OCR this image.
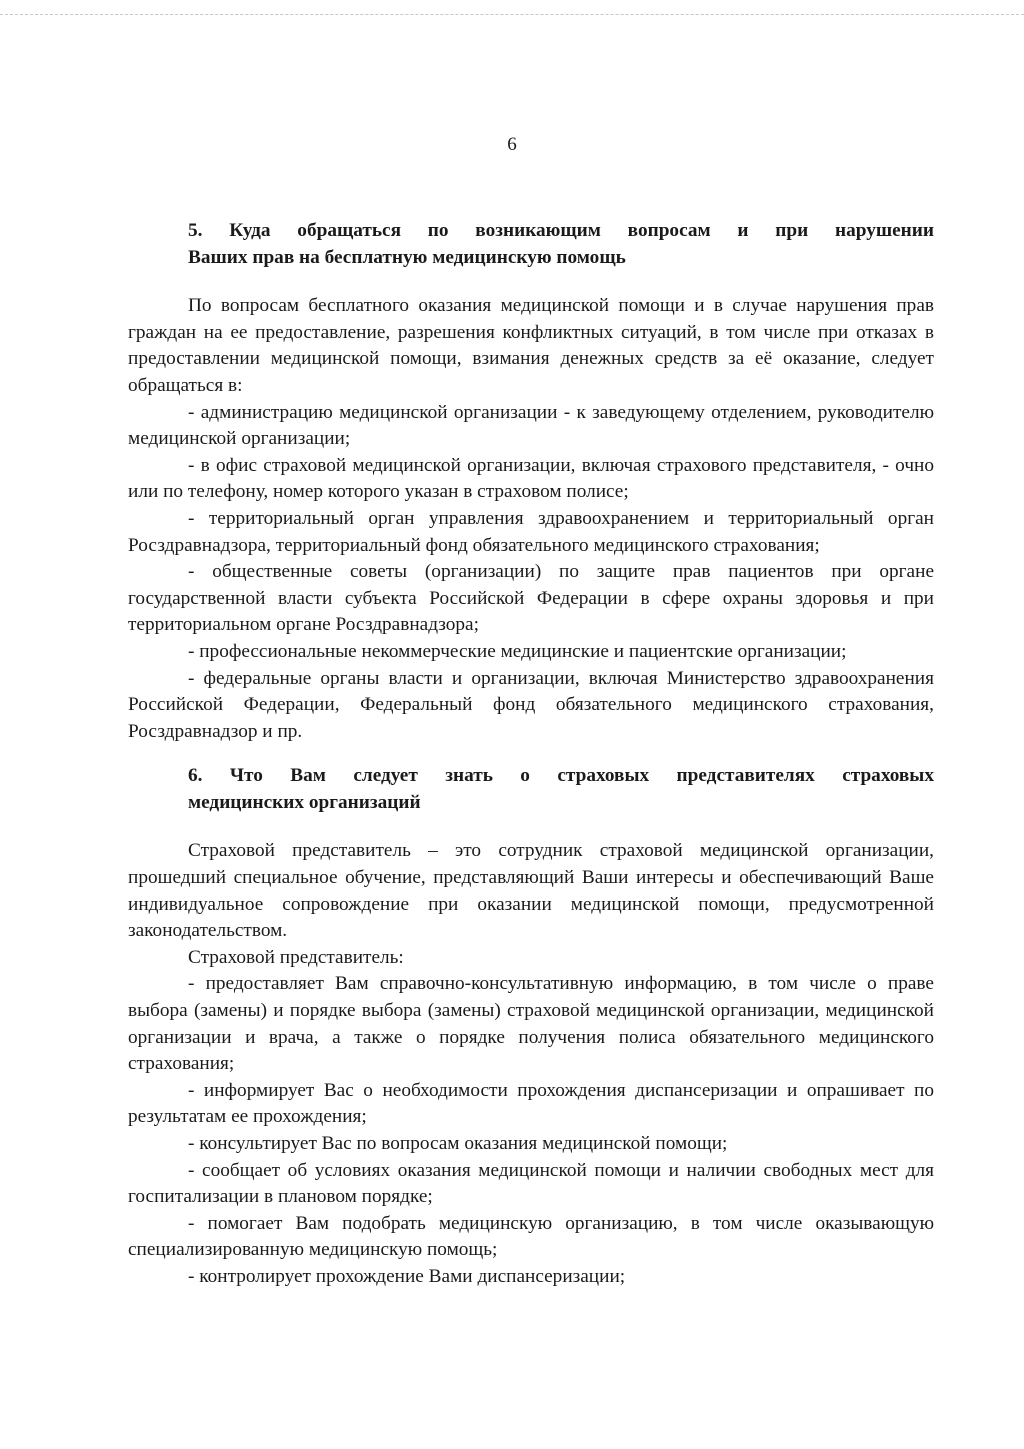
6
5. Куда обращаться по возникающим вопросам и при нарушении
Ваших прав на бесплатную медицинскую помощь

По вопросам бесплатного оказания медицинской помощи и в случае нарушения прав граждан на ее предоставление, разрешения конфликтных ситуаций, в том числе при отказах в предоставлении медицинской помощи, взимания денежных средств за её оказание, следует обращаться в:

- администрацию медицинской организации - к заведующему отделением, руководителю медицинской организации;

- в офис страховой медицинской организации, включая страхового представителя, - очно или по телефону, номер которого указан в страховом полисе;

- территориальный орган управления здравоохранением и территориальный орган Росздравнадзора, территориальный фонд обязательного медицинского страхования;

- общественные советы (организации) по защите прав пациентов при органе государственной власти субъекта Российской Федерации в сфере охраны здоровья и при территориальном органе Росздравнадзора;

- профессиональные некоммерческие медицинские и пациентские организации;

- федеральные органы власти и организации, включая Министерство здравоохранения Российской Федерации, Федеральный фонд обязательного медицинского страхования, Росздравнадзор и пр.

6. Что Вам следует знать о страховых представителях страховых
медицинских организаций

Страховой представитель – это сотрудник страховой медицинской организации, прошедший специальное обучение, представляющий Ваши интересы и обеспечивающий Ваше индивидуальное сопровождение при оказании медицинской помощи, предусмотренной законодательством.

Страховой представитель:

- предоставляет Вам справочно-консультативную информацию, в том числе о праве выбора (замены) и порядке выбора (замены) страховой медицинской организации, медицинской организации и врача, а также о порядке получения полиса обязательного медицинского страхования;

- информирует Вас о необходимости прохождения диспансеризации и опрашивает по результатам ее прохождения;

- консультирует Вас по вопросам оказания медицинской помощи;

- сообщает об условиях оказания медицинской помощи и наличии свободных мест для госпитализации в плановом порядке;

- помогает Вам подобрать медицинскую организацию, в том числе оказывающую специализированную медицинскую помощь;

- контролирует прохождение Вами диспансеризации;
